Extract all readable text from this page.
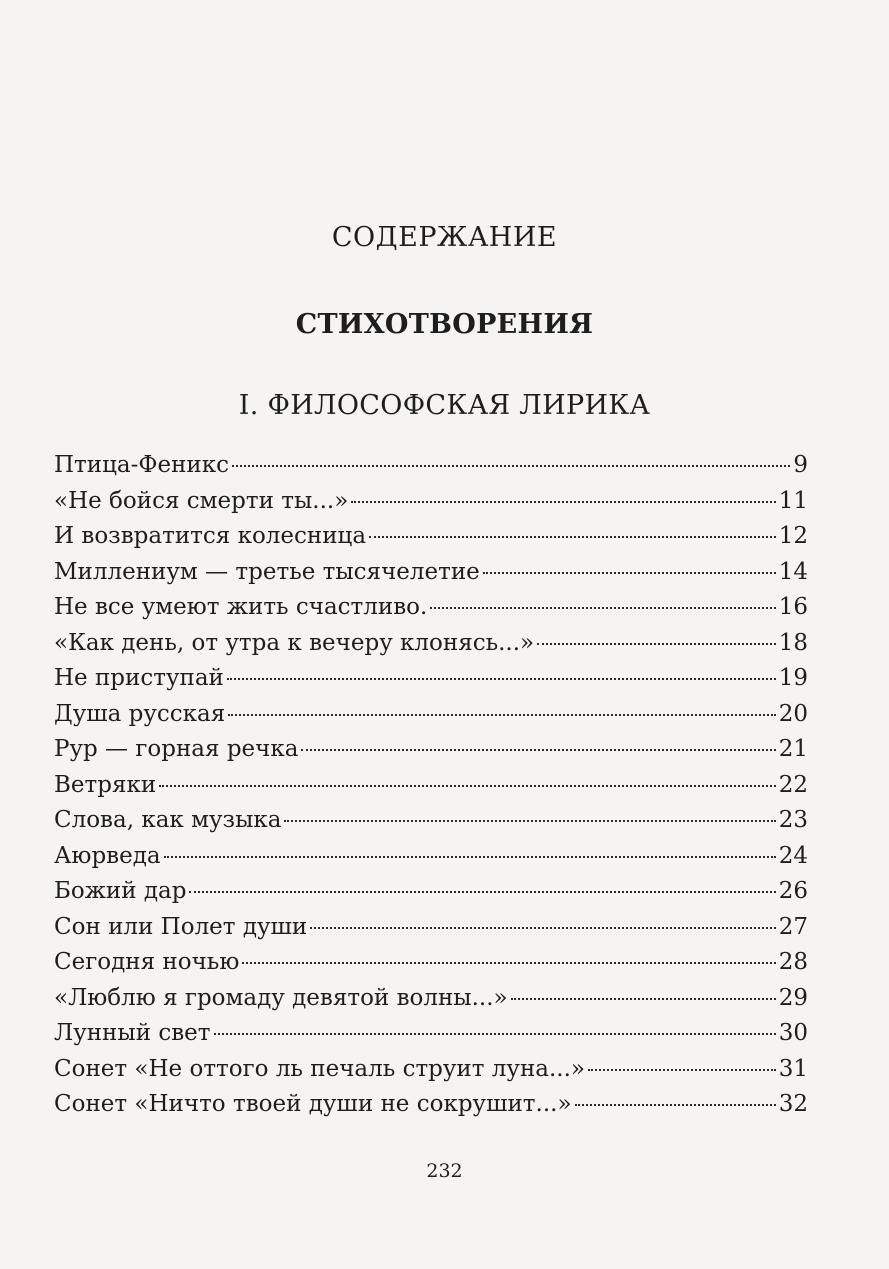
СОДЕРЖАНИЕ
СТИХОТВОРЕНИЯ
I. ФИЛОСОФСКАЯ ЛИРИКА
Птица-Феникс	9
«Не бойся смерти ты...»	11
И возвратится колесница	12
Миллениум — третье тысячелетие	14
Не все умеют жить счастливо.	16
«Как день, от утра к вечеру клонясь...»	18
Не приступай	19
Душа русская	20
Рур — горная речка	21
Ветряки	22
Слова, как музыка	23
Аюрведа	24
Божий дар	26
Сон или Полет души	27
Сегодня ночью	28
«Люблю я громаду девятой волны...»	29
Лунный свет	30
Сонет «Не оттого ль печаль струит луна...»	31
Сонет «Ничто твоей души не сокрушит...»	32
232
